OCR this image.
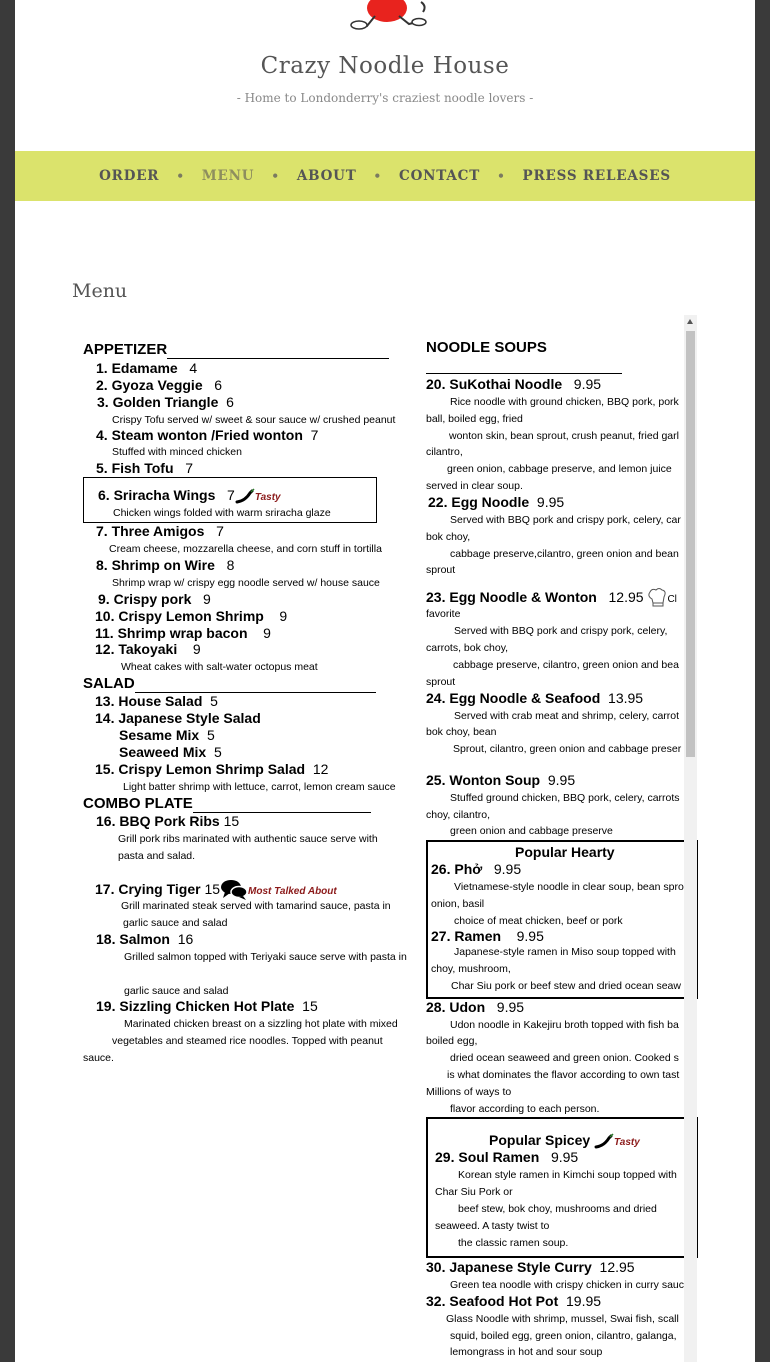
Crazy Noodle House
- Home to Londonderry's craziest noodle lovers -
ORDER • MENU • ABOUT • CONTACT • PRESS RELEASES
Menu
APPETIZER
1. Edamame 4
2. Gyoza Veggie 6
3. Golden Triangle 6
Crispy Tofu served w/ sweet & sour sauce w/ crushed peanut
4. Steam wonton /Fried wonton 7
Stuffed with minced chicken
5. Fish Tofu 7
6. Sriracha Wings 7 Tasty
Chicken wings folded with warm sriracha glaze
7. Three Amigos 7
Cream cheese, mozzarella cheese, and corn stuff in tortilla
8. Shrimp on Wire 8
Shrimp wrap w/ crispy egg noodle served w/ house sauce
9. Crispy pork 9
10. Crispy Lemon Shrimp 9
11. Shrimp wrap bacon 9
12. Takoyaki 9
Wheat cakes with salt-water octopus meat
SALAD
13. House Salad 5
14. Japanese Style Salad
Sesame Mix 5
Seaweed Mix 5
15. Crispy Lemon Shrimp Salad 12
Light batter shrimp with lettuce, carrot, lemon cream sauce
COMBO PLATE
16. BBQ Pork Ribs 15
Grill pork ribs marinated with authentic sauce serve with
pasta and salad.
17. Crying Tiger 15	Most Talked About
Grill marinated steak served with tamarind sauce, pasta in
garlic sauce and salad
18. Salmon 16
Grilled salmon topped with Teriyaki sauce serve with pasta in
garlic sauce and salad
19. Sizzling Chicken Hot Plate 15
Marinated chicken breast on a sizzling hot plate with mixed
vegetables and steamed rice noodles. Topped with peanut
sauce.
NOODLE SOUPS
20. SuKothai Noodle 9.95
Rice noodle with ground chicken, BBQ pork, pork
ball, boiled egg, fried
wonton skin, bean sprout, crush peanut, fried garl
cilantro,
green onion, cabbage preserve, and lemon juice
served in clear soup.
22. Egg Noodle 9.95
Served with BBQ pork and crispy pork, celery, car
bok choy,
cabbage preserve,cilantro, green onion and bean
sprout
23. Egg Noodle & Wonton 12.95 Cl
favorite
Served with BBQ pork and crispy pork, celery,
carrots, bok choy,
cabbage preserve, cilantro, green onion and bea
sprout
24. Egg Noodle & Seafood 13.95
Served with crab meat and shrimp, celery, carrot
bok choy, bean
Sprout, cilantro, green onion and cabbage preser
25. Wonton Soup 9.95
Stuffed ground chicken, BBQ pork, celery, carrots
choy, cilantro,
green onion and cabbage preserve
Popular Hearty
26. Phở 9.95
Vietnamese-style noodle in clear soup, bean spro
onion, basil
choice of meat chicken, beef or pork
27. Ramen 9.95
Japanese-style ramen in Miso soup topped with
choy, mushroom,
Char Siu pork or beef stew and dried ocean seaw
28. Udon 9.95
Udon noodle in Kakejiru broth topped with fish ba
boiled egg,
dried ocean seaweed and green onion. Cooked s
is what dominates the flavor according to own tast
Millions of ways to
flavor according to each person.
Popular Spicey Tasty
29. Soul Ramen 9.95
Korean style ramen in Kimchi soup topped with
Char Siu Pork or
beef stew, bok choy, mushrooms and dried
seaweed. A tasty twist to
the classic ramen soup.
30. Japanese Style Curry 12.95
Green tea noodle with crispy chicken in curry sauc
32. Seafood Hot Pot 19.95
Glass Noodle with shrimp, mussel, Swai fish, scall
squid, boiled egg, green onion, cilantro, galanga,
lemongrass in hot and sour soup
